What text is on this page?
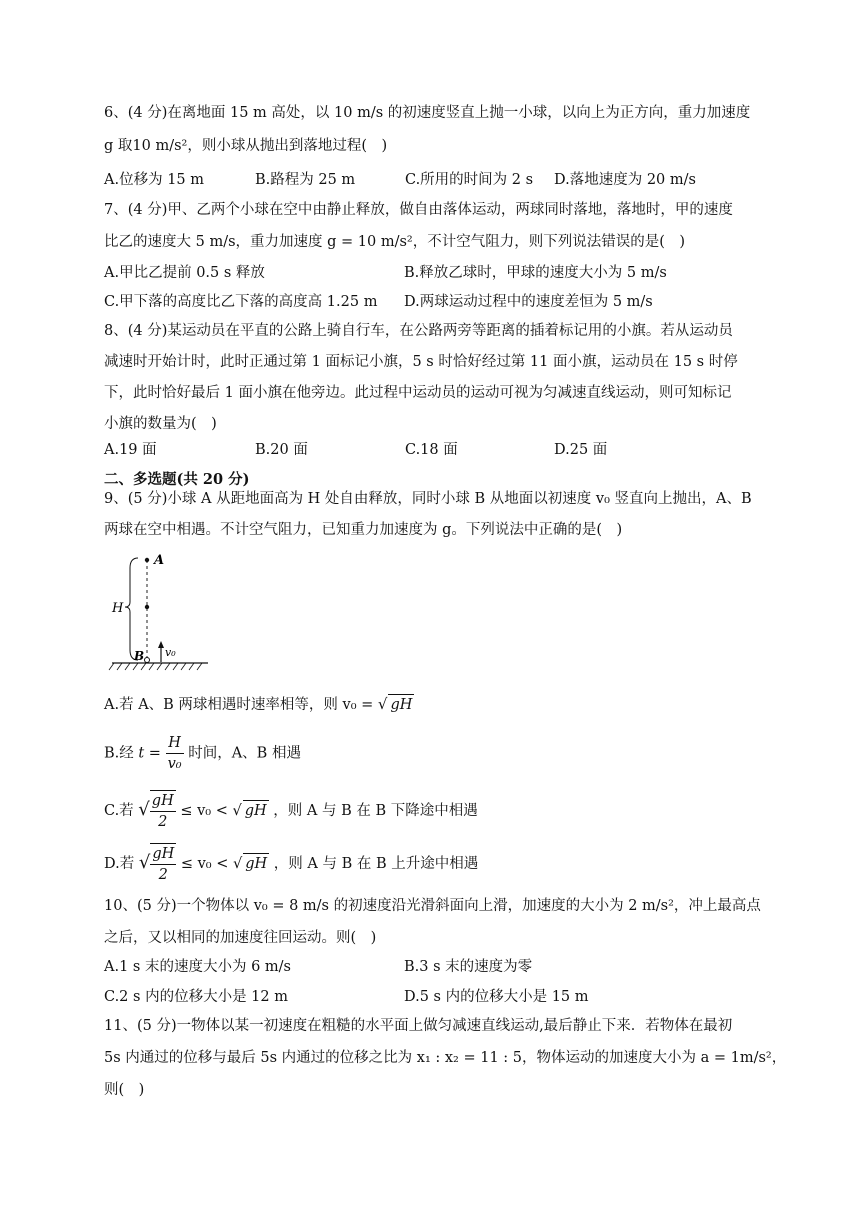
6、(4 分)在离地面 15 m 高处，以 10 m/s 的初速度竖直上抛一小球，以向上为正方向，重力加速度
g 取10 m/s²，则小球从抛出到落地过程(　)
A.位移为 15 m	B.路程为 25 m	C.所用的时间为 2 s D.落地速度为 20 m/s
7、(4 分)甲、乙两个小球在空中由静止释放，做自由落体运动，两球同时落地，落地时，甲的速度
比乙的速度大 5 m/s，重力加速度 g = 10 m/s²，不计空气阻力，则下列说法错误的是(　)
A.甲比乙提前 0.5 s 释放	B.释放乙球时，甲球的速度大小为 5 m/s
C.甲下落的高度比乙下落的高度高 1.25 m D.两球运动过程中的速度差恒为 5 m/s
8、(4 分)某运动员在平直的公路上骑自行车，在公路两旁等距离的插着标记用的小旗。若从运动员
减速时开始计时，此时正通过第 1 面标记小旗，5 s 时恰好经过第 11 面小旗，运动员在 15 s 时停
下，此时恰好最后 1 面小旗在他旁边。此过程中运动员的运动可视为匀减速直线运动，则可知标记
小旗的数量为(　)
A.19 面	B.20 面	C.18 面	D.25 面
二、多选题(共 20 分)
9、(5 分)小球 A 从距地面高为 H 处自由释放，同时小球 B 从地面以初速度 v₀ 竖直向上抛出，A、B
两球在空中相遇。不计空气阻力，已知重力加速度为 g。下列说法中正确的是(　)
A
H
B v₀
A.若 A、B 两球相遇时速率相等，则 v₀ = √ gH
B.经 $t = \frac{H}{\text{v₀}}$ 时间，A、B 相遇
C.若 √ $\frac{gH}{2} \le v_0$ < √ gH ，则 A 与 B 在 B 下降途中相遇
D.若 √ $\frac{gH}{2} \le v_0$ < √ gH ，则 A 与 B 在 B 上升途中相遇
10、(5 分)一个物体以 v₀ = 8 m/s 的初速度沿光滑斜面向上滑，加速度的大小为 2 m/s²，冲上最高点
之后，又以相同的加速度往回运动。则(　)
A.1 s 末的速度大小为 6 m/s	B.3 s 末的速度为零
C.2 s 内的位移大小是 12 m	D.5 s 内的位移大小是 15 m
11、(5 分)一物体以某一初速度在粗糙的水平面上做匀减速直线运动,最后静止下来．若物体在最初
5s 内通过的位移与最后 5s 内通过的位移之比为 x₁ : x₂ = 11 : 5，物体运动的加速度大小为 a = 1m/s²，
则(　)
